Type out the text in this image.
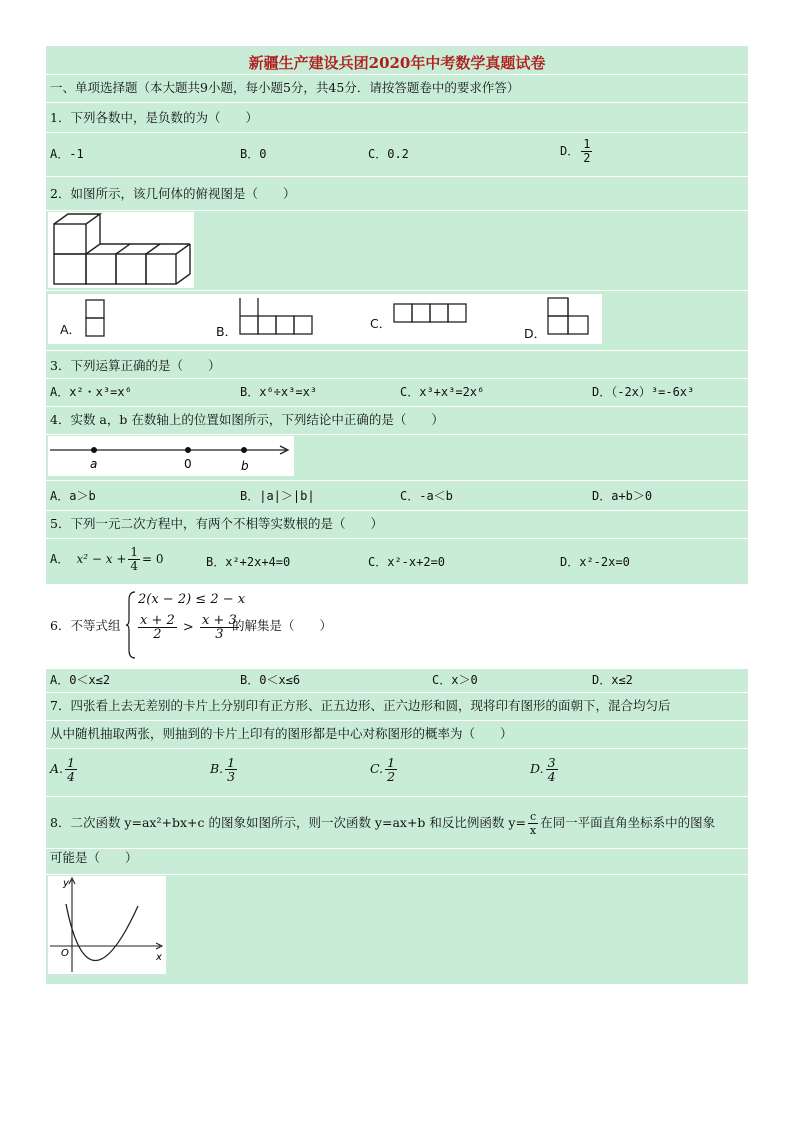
新疆生产建设兵团2020年中考数学真题试卷
一、单项选择题（本大题共9小题，每小题5分，共45分．请按答题卷中的要求作答）
1．下列各数中，是负数的为（　　）
A．-1	B．0	C．0.2	D． $\frac{1}{2}$
2．如图所示，该几何体的俯视图是（　　）
A．	B．
C．
D．
3．下列运算正确的是（　　）
A．x²・x³=x⁶	B．x⁶÷x³=x³	C．x³+x³=2x⁶	D．（-2x）³=-6x³
4．实数 a，b 在数轴上的位置如图所示，下列结论中正确的是（　　）
a	0	b
A．a＞b	B．|a|＞|b|	C．-a＜b	D．a+b＞0
5．下列一元二次方程中，有两个不相等实数根的是（　　）
A． $x^2 - x + \frac{1}{4} = 0$	B．x²+2x+4=0	C．x²-x+2=0	D．x²-2x=0
6．不等式组
2(x − 2) ≤ 2 − x
$\frac{x + 2}{2} > \frac{x + 3}{3}$
的解集是（　　）
A．0＜x≤2	B．0＜x≤6	C．x＞0	D．x≤2
7．四张看上去无差别的卡片上分别印有正方形、正五边形、正六边形和圆，现将印有图形的面朝下，混合均匀后
从中随机抽取两张，则抽到的卡片上印有的图形都是中心对称图形的概率为（　　）
A. $\frac{1}{4}$	B. $\frac{1}{3}$	C. $\frac{1}{2}$	D. $\frac{3}{4}$
8．二次函数 y=ax²+bx+c 的图象如图所示，则一次函数 y=ax+b 和反比例函数 $y= \frac{c}{x}$ 在同一平面直角坐标系中的图象
可能是（　　）
y
x
O
